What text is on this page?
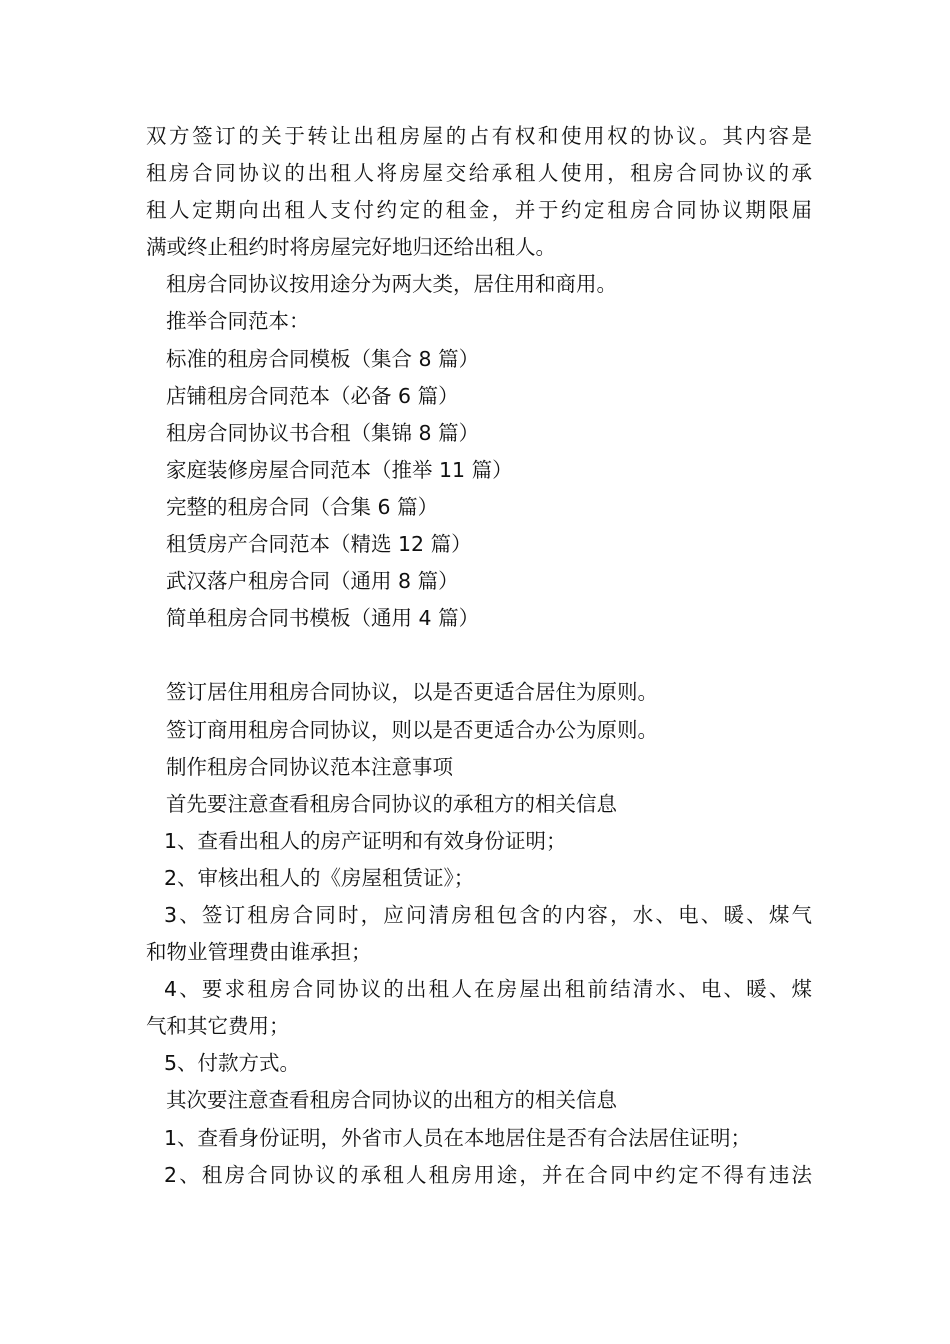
双方签订的关于转让出租房屋的占有权和使用权的协议。其内容是
租房合同协议的出租人将房屋交给承租人使用，租房合同协议的承
租人定期向出租人支付约定的租金，并于约定租房合同协议期限届
满或终止租约时将房屋完好地归还给出租人。
租房合同协议按用途分为两大类，居住用和商用。
推举合同范本：
标准的租房合同模板（集合 8 篇）
店铺租房合同范本（必备 6 篇）
租房合同协议书合租（集锦 8 篇）
家庭装修房屋合同范本（推举 11 篇）
完整的租房合同（合集 6 篇）
租赁房产合同范本（精选 12 篇）
武汉落户租房合同（通用 8 篇）
简单租房合同书模板（通用 4 篇）
签订居住用租房合同协议，以是否更适合居住为原则。
签订商用租房合同协议，则以是否更适合办公为原则。
制作租房合同协议范本注意事项
首先要注意查看租房合同协议的承租方的相关信息
1、查看出租人的房产证明和有效身份证明；
2、审核出租人的《房屋租赁证》；
3、签订租房合同时，应问清房租包含的内容，水、电、暖、煤气
和物业管理费由谁承担；
4、要求租房合同协议的出租人在房屋出租前结清水、电、暖、煤
气和其它费用；
5、付款方式。
其次要注意查看租房合同协议的出租方的相关信息
1、查看身份证明，外省市人员在本地居住是否有合法居住证明；
2、租房合同协议的承租人租房用途，并在合同中约定不得有违法
